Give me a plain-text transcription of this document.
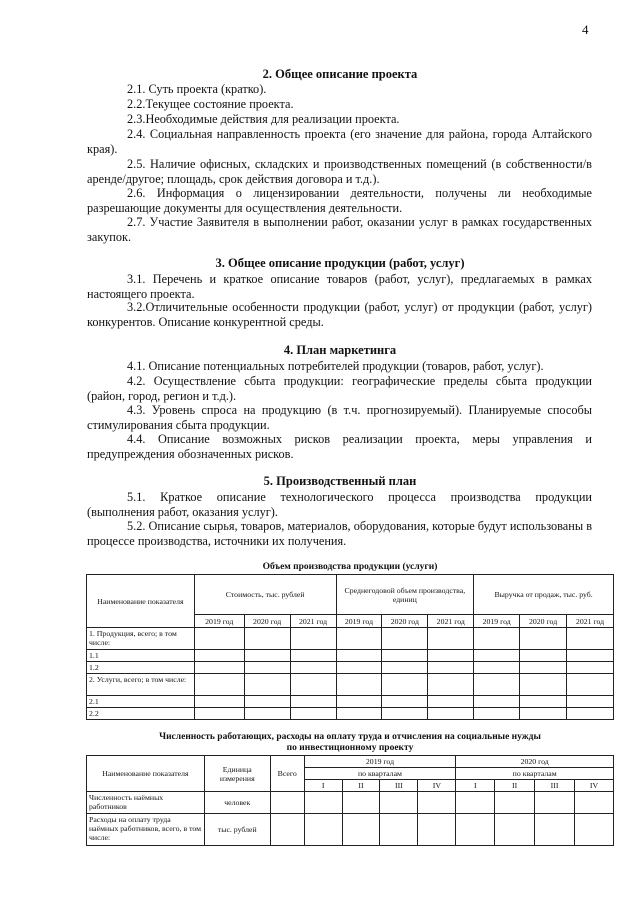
4
2. Общее описание проекта
2.1. Суть проекта (кратко).
2.2.Текущее состояние проекта.
2.3.Необходимые действия для реализации проекта.
2.4. Социальная направленность проекта (его значение для района, города Алтайского края).
2.5. Наличие офисных, складских и производственных помещений (в собственности/в аренде/другое; площадь, срок действия договора и т.д.).
2.6. Информация о лицензировании деятельности, получены ли необходимые разрешающие документы для осуществления деятельности.
2.7. Участие Заявителя в выполнении работ, оказании услуг в рамках государственных закупок.
3. Общее описание продукции (работ, услуг)
3.1. Перечень и краткое описание товаров (работ, услуг), предлагаемых в рамках настоящего проекта.
3.2.Отличительные особенности продукции (работ, услуг) от продукции (работ, услуг) конкурентов. Описание конкурентной среды.
4. План маркетинга
4.1. Описание потенциальных потребителей продукции (товаров, работ, услуг).
4.2. Осуществление сбыта продукции: географические пределы сбыта продукции (район, город, регион и т.д.).
4.3. Уровень спроса на продукцию (в т.ч. прогнозируемый). Планируемые способы стимулирования сбыта продукции.
4.4. Описание возможных рисков реализации проекта, меры управления и предупреждения обозначенных рисков.
5. Производственный план
5.1. Краткое описание технологического процесса производства продукции (выполнения работ, оказания услуг).
5.2. Описание сырья, товаров, материалов, оборудования, которые будут использованы в процессе производства, источники их получения.
Объем производства продукции (услуги)
Наименование показателя	Стоимость, тыс. рублей			Среднегодовой объем производства, единиц			Выручка от продаж, тыс. руб.		
	2019 год	2020 год	2021 год	2019 год	2020 год	2021 год	2019 год	2020 год	2021 год
1. Продукция, всего; в том числе:									
1.1									
1.2									
2. Услуги, всего; в том числе:									
2.1									
2.2									
Численность работающих, расходы на оплату труда и отчисления на социальные нужды
по инвестиционному проекту
Наименование показателя	Единица измерения	Всего	2019 год				2020 год			
			по кварталам				по кварталам			
			I	II	III	IV	I	II	III	IV
Численность наёмных работников	человек									
Расходы на оплату труда наёмных работников, всего, в том числе:	тыс. рублей									
